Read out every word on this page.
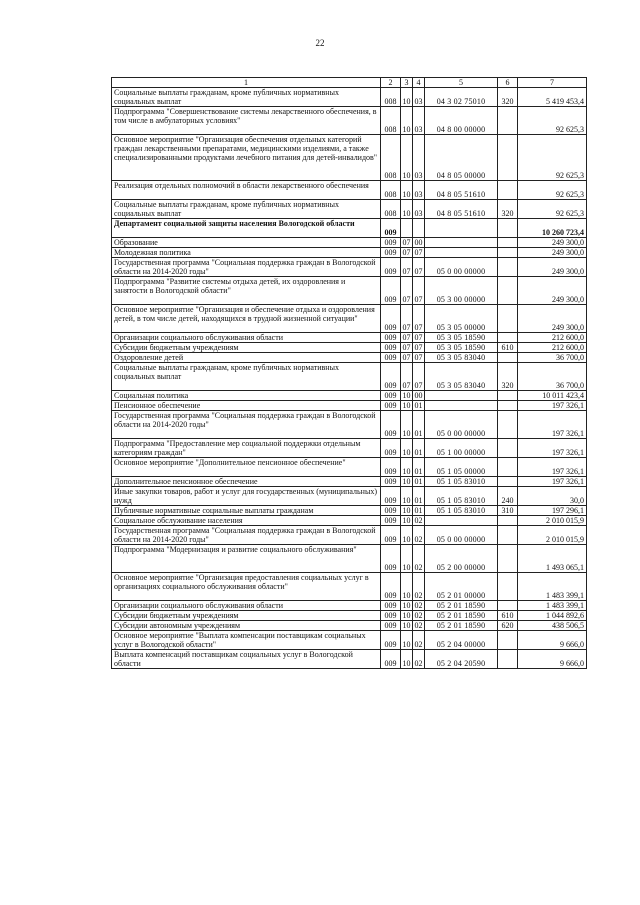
22
1	2	3	4	5	6	7
Социальные выплаты гражданам, кроме публичных нормативных социальных выплат	008	10	03	04 3 02 75010	320	5 419 453,4
Подпрограмма "Совершенствование системы лекарственного обеспечения, в том числе в амбулаторных условиях"	008	10	03	04 8 00 00000		92 625,3
Основное мероприятие "Организация обеспечения отдельных категорий граждан лекарственными препаратами, медицинскими изделиями, а также специализированными продуктами лечебного питания для детей-инвалидов"	008	10	03	04 8 05 00000		92 625,3
Реализация отдельных полномочий в области лекарственного обеспечения	008	10	03	04 8 05 51610		92 625,3
Социальные выплаты гражданам, кроме публичных нормативных социальных выплат	008	10	03	04 8 05 51610	320	92 625,3
Департамент социальной защиты населения Вологодской области	009					10 260 723,4
Образование	009	07	00			249 300,0
Молодежная политика	009	07	07			249 300,0
Государственная программа "Социальная поддержка граждан в Вологодской области на 2014-2020 годы"	009	07	07	05 0 00 00000		249 300,0
Подпрограмма "Развитие системы отдыха детей, их оздоровления и занятости в Вологодской области"	009	07	07	05 3 00 00000		249 300,0
Основное мероприятие "Организация и обеспечение отдыха и оздоровления детей, в том числе детей, находящихся в трудной жизненной ситуации"	009	07	07	05 3 05 00000		249 300,0
Организации социального обслуживания области	009	07	07	05 3 05 18590		212 600,0
Субсидии бюджетным учреждениям	009	07	07	05 3 05 18590	610	212 600,0
Оздоровление детей	009	07	07	05 3 05 83040		36 700,0
Социальные выплаты гражданам, кроме публичных нормативных социальных выплат	009	07	07	05 3 05 83040	320	36 700,0
Социальная политика	009	10	00			10 011 423,4
Пенсионное обеспечение	009	10	01			197 326,1
Государственная программа "Социальная поддержка граждан в Вологодской области на 2014-2020 годы"	009	10	01	05 0 00 00000		197 326,1
Подпрограмма "Предоставление мер социальной поддержки отдельным категориям граждан"	009	10	01	05 1 00 00000		197 326,1
Основное мероприятие "Дополнительное пенсионное обеспечение"	009	10	01	05 1 05 00000		197 326,1
Дополнительное пенсионное обеспечение	009	10	01	05 1 05 83010		197 326,1
Иные закупки товаров, работ и услуг для государственных (муниципальных) нужд	009	10	01	05 1 05 83010	240	30,0
Публичные нормативные социальные выплаты гражданам	009	10	01	05 1 05 83010	310	197 296,1
Социальное обслуживание населения	009	10	02			2 010 015,9
Государственная программа "Социальная поддержка граждан в Вологодской области на 2014-2020 годы"	009	10	02	05 0 00 00000		2 010 015,9
Подпрограмма "Модернизация и развитие социального обслуживания"	009	10	02	05 2 00 00000		1 493 065,1
Основное мероприятие "Организация предоставления социальных услуг в организациях социального обслуживания области"	009	10	02	05 2 01 00000		1 483 399,1
Организации социального обслуживания области	009	10	02	05 2 01 18590		1 483 399,1
Субсидии бюджетным учреждениям	009	10	02	05 2 01 18590	610	1 044 892,6
Субсидии автономным учреждениям	009	10	02	05 2 01 18590	620	438 506,5
Основное мероприятие "Выплата компенсации поставщикам социальных услуг в Вологодской области"	009	10	02	05 2 04 00000		9 666,0
Выплата компенсаций поставщикам социальных услуг в Вологодской области	009	10	02	05 2 04 20590		9 666,0
